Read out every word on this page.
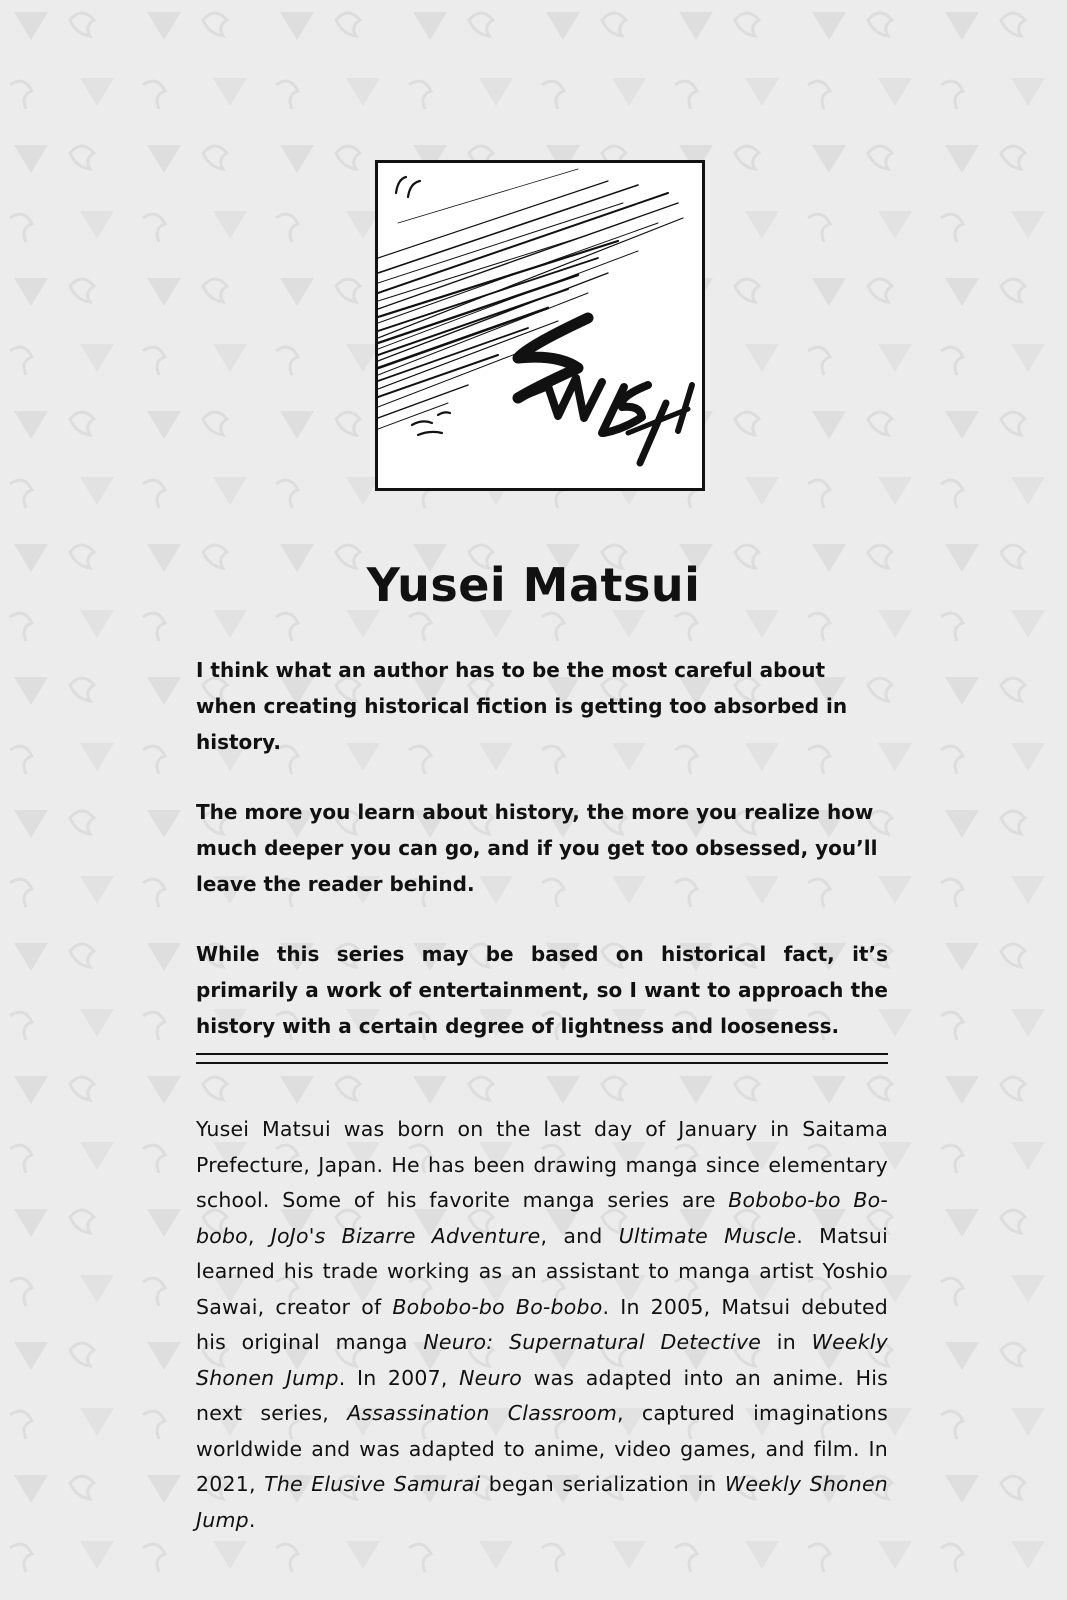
Yusei Matsui

I think what an author has to be the most careful about when creating historical fiction is getting too absorbed in history.

The more you learn about history, the more you realize how much deeper you can go, and if you get too obsessed, you’ll leave the reader behind.

While this series may be based on historical fact, it’s primarily a work of entertainment, so I want to approach the history with a certain degree of lightness and looseness.

Yusei Matsui was born on the last day of January in Saitama Prefecture, Japan. He has been drawing manga since elementary school. Some of his favorite manga series are Bobobo-bo Bo-bobo, JoJo's Bizarre Adventure, and Ultimate Muscle. Matsui learned his trade working as an assistant to manga artist Yoshio Sawai, creator of Bobobo-bo Bo-bobo. In 2005, Matsui debuted his original manga Neuro: Supernatural Detective in Weekly Shonen Jump. In 2007, Neuro was adapted into an anime. His next series, Assassination Classroom, captured imaginations worldwide and was adapted to anime, video games, and film. In 2021, The Elusive Samurai began serialization in Weekly Shonen Jump.
